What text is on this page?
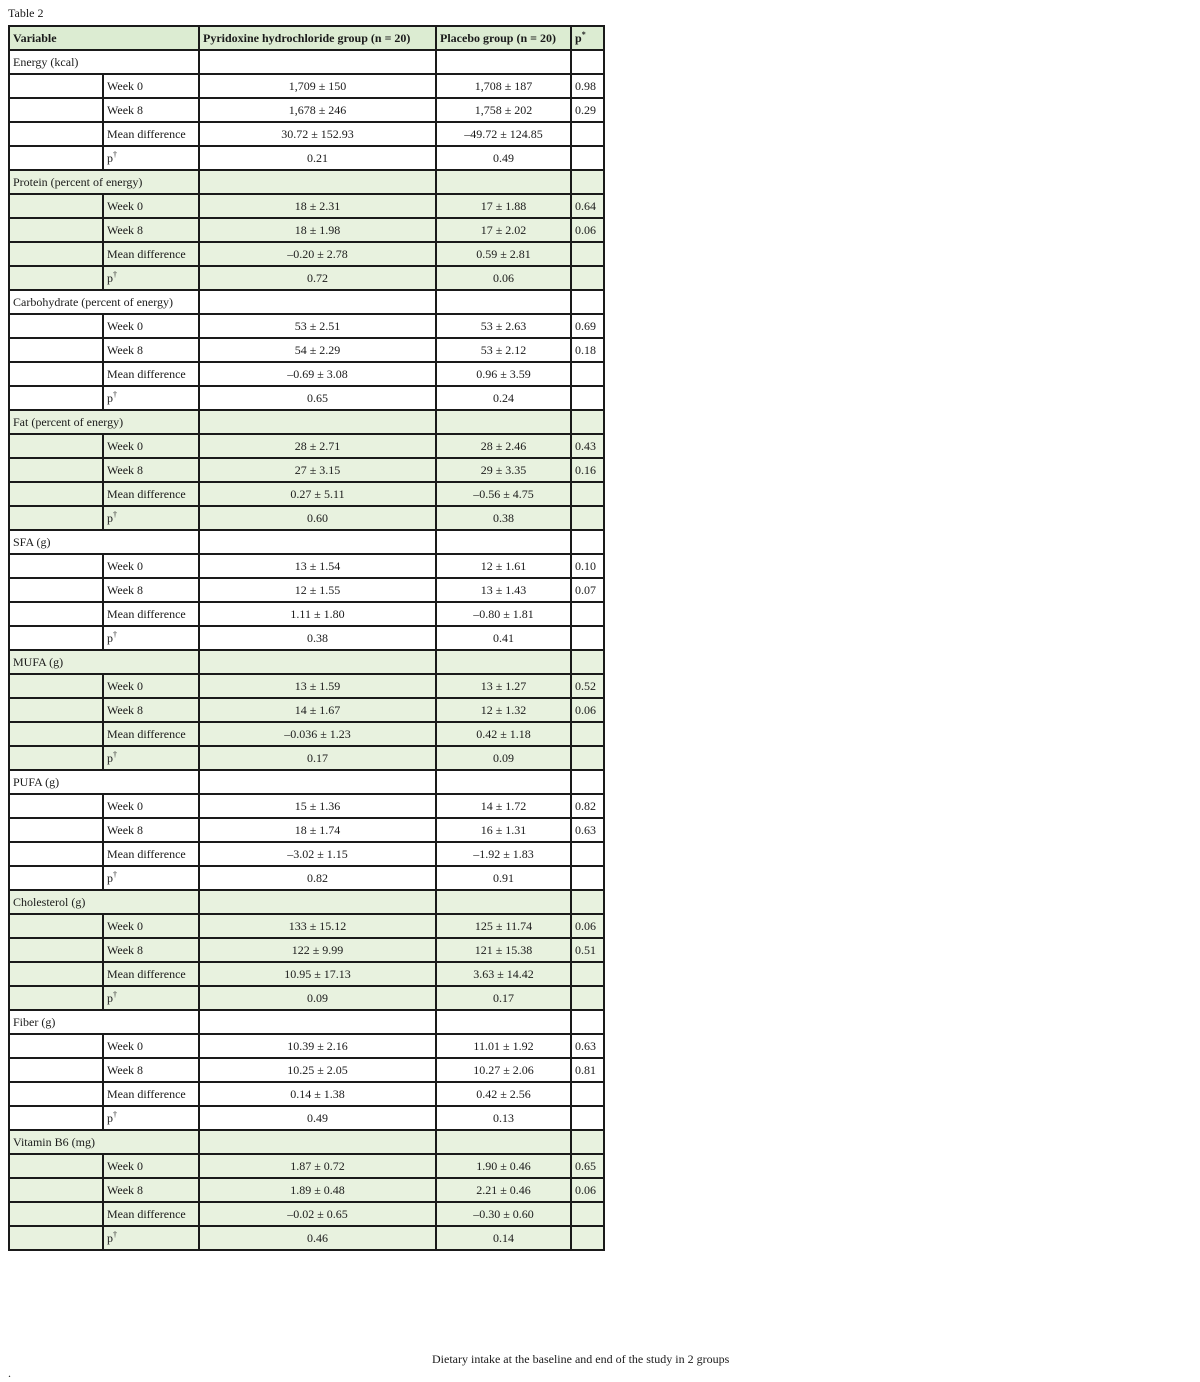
Table 2
Variable		Pyridoxine hydrochloride group (n = 20)	Placebo group (n = 20)	p*
Energy (kcal)				
	Week 0	1,709 ± 150	1,708 ± 187	0.98
	Week 8	1,678 ± 246	1,758 ± 202	0.29
	Mean difference	30.72 ± 152.93	–49.72 ± 124.85	
	p†	0.21	0.49	
Protein (percent of energy)				
	Week 0	18 ± 2.31	17 ± 1.88	0.64
	Week 8	18 ± 1.98	17 ± 2.02	0.06
	Mean difference	–0.20 ± 2.78	0.59 ± 2.81	
	p†	0.72	0.06	
Carbohydrate (percent of energy)				
	Week 0	53 ± 2.51	53 ± 2.63	0.69
	Week 8	54 ± 2.29	53 ± 2.12	0.18
	Mean difference	–0.69 ± 3.08	0.96 ± 3.59	
	p†	0.65	0.24	
Fat (percent of energy)				
	Week 0	28 ± 2.71	28 ± 2.46	0.43
	Week 8	27 ± 3.15	29 ± 3.35	0.16
	Mean difference	0.27 ± 5.11	–0.56 ± 4.75	
	p†	0.60	0.38	
SFA (g)				
	Week 0	13 ± 1.54	12 ± 1.61	0.10
	Week 8	12 ± 1.55	13 ± 1.43	0.07
	Mean difference	1.11 ± 1.80	–0.80 ± 1.81	
	p†	0.38	0.41	
MUFA (g)				
	Week 0	13 ± 1.59	13 ± 1.27	0.52
	Week 8	14 ± 1.67	12 ± 1.32	0.06
	Mean difference	–0.036 ± 1.23	0.42 ± 1.18	
	p†	0.17	0.09	
PUFA (g)				
	Week 0	15 ± 1.36	14 ± 1.72	0.82
	Week 8	18 ± 1.74	16 ± 1.31	0.63
	Mean difference	–3.02 ± 1.15	–1.92 ± 1.83	
	p†	0.82	0.91	
Cholesterol (g)				
	Week 0	133 ± 15.12	125 ± 11.74	0.06
	Week 8	122 ± 9.99	121 ± 15.38	0.51
	Mean difference	10.95 ± 17.13	3.63 ± 14.42	
	p†	0.09	0.17	
Fiber (g)				
	Week 0	10.39 ± 2.16	11.01 ± 1.92	0.63
	Week 8	10.25 ± 2.05	10.27 ± 2.06	0.81
	Mean difference	0.14 ± 1.38	0.42 ± 2.56	
	p†	0.49	0.13	
Vitamin B6 (mg)				
	Week 0	1.87 ± 0.72	1.90 ± 0.46	0.65
	Week 8	1.89 ± 0.48	2.21 ± 0.46	0.06
	Mean difference	–0.02 ± 0.65	–0.30 ± 0.60	
	p†	0.46	0.14	
Dietary intake at the baseline and end of the study in 2 groups
.
